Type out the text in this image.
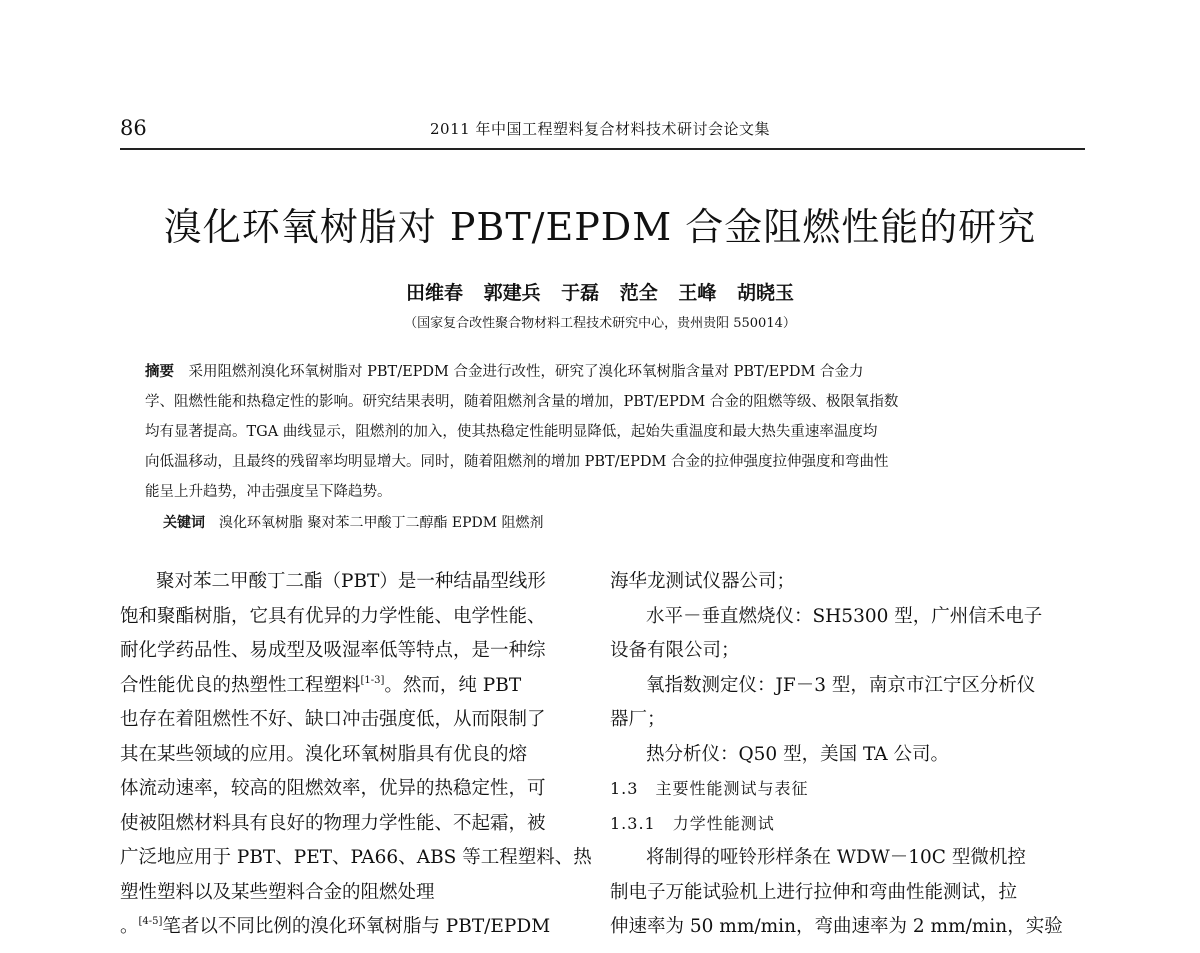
86	2011 年中国工程塑料复合材料技术研讨会论文集
溴化环氧树脂对 PBT/EPDM 合金阻燃性能的研究
田维春 郭建兵 于磊 范全 王峰 胡晓玉
（国家复合改性聚合物材料工程技术研究中心，贵州贵阳 550014）
摘要　 采用阻燃剂溴化环氧树脂对 PBT/EPDM 合金进行改性，研究了溴化环氧树脂含量对 PBT/EPDM 合金力
学、阻燃性能和热稳定性的影响。研究结果表明，随着阻燃剂含量的增加，PBT/EPDM 合金的阻燃等级、极限氧指数
均有显著提高。TGA 曲线显示，阻燃剂的加入，使其热稳定性能明显降低，起始失重温度和最大热失重速率温度均
向低温移动，且最终的残留率均明显增大。同时，随着阻燃剂的增加 PBT/EPDM 合金的拉伸强度拉伸强度和弯曲性
能呈上升趋势，冲击强度呈下降趋势。
关键词 溴化环氧树脂 聚对苯二甲酸丁二醇酯 EPDM 阻燃剂
聚对苯二甲酸丁二酯（PBT）是一种结晶型线形
饱和聚酯树脂，它具有优异的力学性能、电学性能、
耐化学药品性、易成型及吸湿率低等特点，是一种综
合性能优良的热塑性工程塑料[1-3]。然而，纯 PBT
也存在着阻燃性不好、缺口冲击强度低，从而限制了
其在某些领域的应用。溴化环氧树脂具有优良的熔
体流动速率，较高的阻燃效率，优异的热稳定性，可
使被阻燃材料具有良好的物理力学性能、不起霜，被
广泛地应用于 PBT、PET、PA66、ABS 等工程塑料、热
塑性塑料以及某些塑料合金的阻燃处理
。[4-5]笔者以不同比例的溴化环氧树脂与 PBT/EPDM
海华龙测试仪器公司；
水平－垂直燃烧仪：SH5300 型，广州信禾电子
设备有限公司；
氧指数测定仪：JF－3 型，南京市江宁区分析仪
器厂；
热分析仪：Q50 型，美国 TA 公司。
1.3　主要性能测试与表征
1.3.1　力学性能测试
将制得的哑铃形样条在 WDW－10C 型微机控
制电子万能试验机上进行拉伸和弯曲性能测试，拉
伸速率为 50 mm/min，弯曲速率为 2 mm/min，实验
